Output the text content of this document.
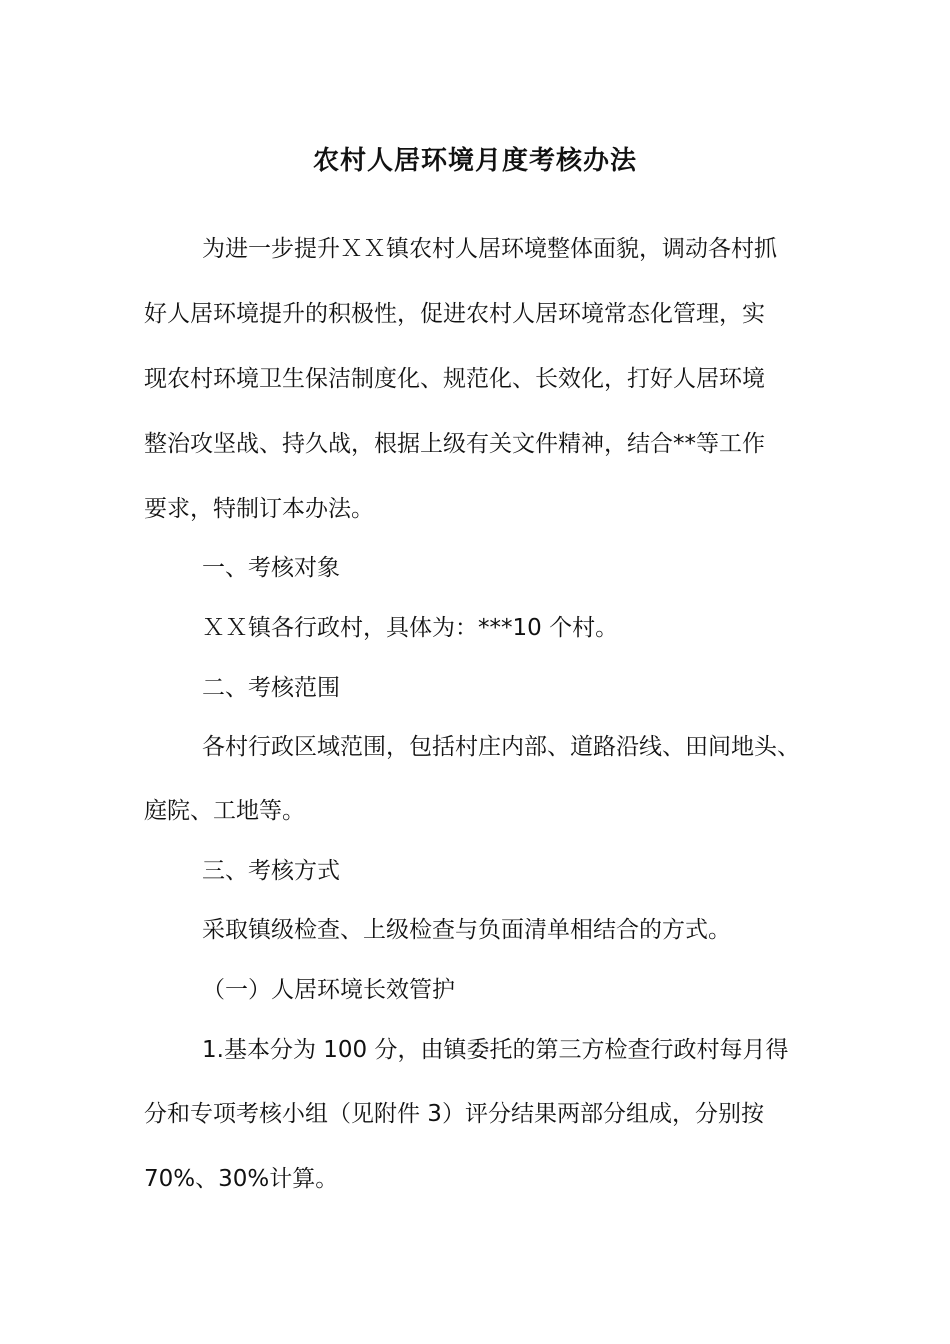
农村人居环境月度考核办法
为进一步提升ＸＸ镇农村人居环境整体面貌，调动各村抓
好人居环境提升的积极性，促进农村人居环境常态化管理，实
现农村环境卫生保洁制度化、规范化、长效化，打好人居环境
整治攻坚战、持久战，根据上级有关文件精神，结合**等工作
要求，特制订本办法。
一、考核对象
ＸＸ镇各行政村，具体为：***10 个村。
二、考核范围
各村行政区域范围，包括村庄内部、道路沿线、田间地头、
庭院、工地等。
三、考核方式
采取镇级检查、上级检查与负面清单相结合的方式。
（一）人居环境长效管护
1.基本分为 100 分，由镇委托的第三方检查行政村每月得
分和专项考核小组（见附件 3）评分结果两部分组成，分别按
70%、30%计算。
